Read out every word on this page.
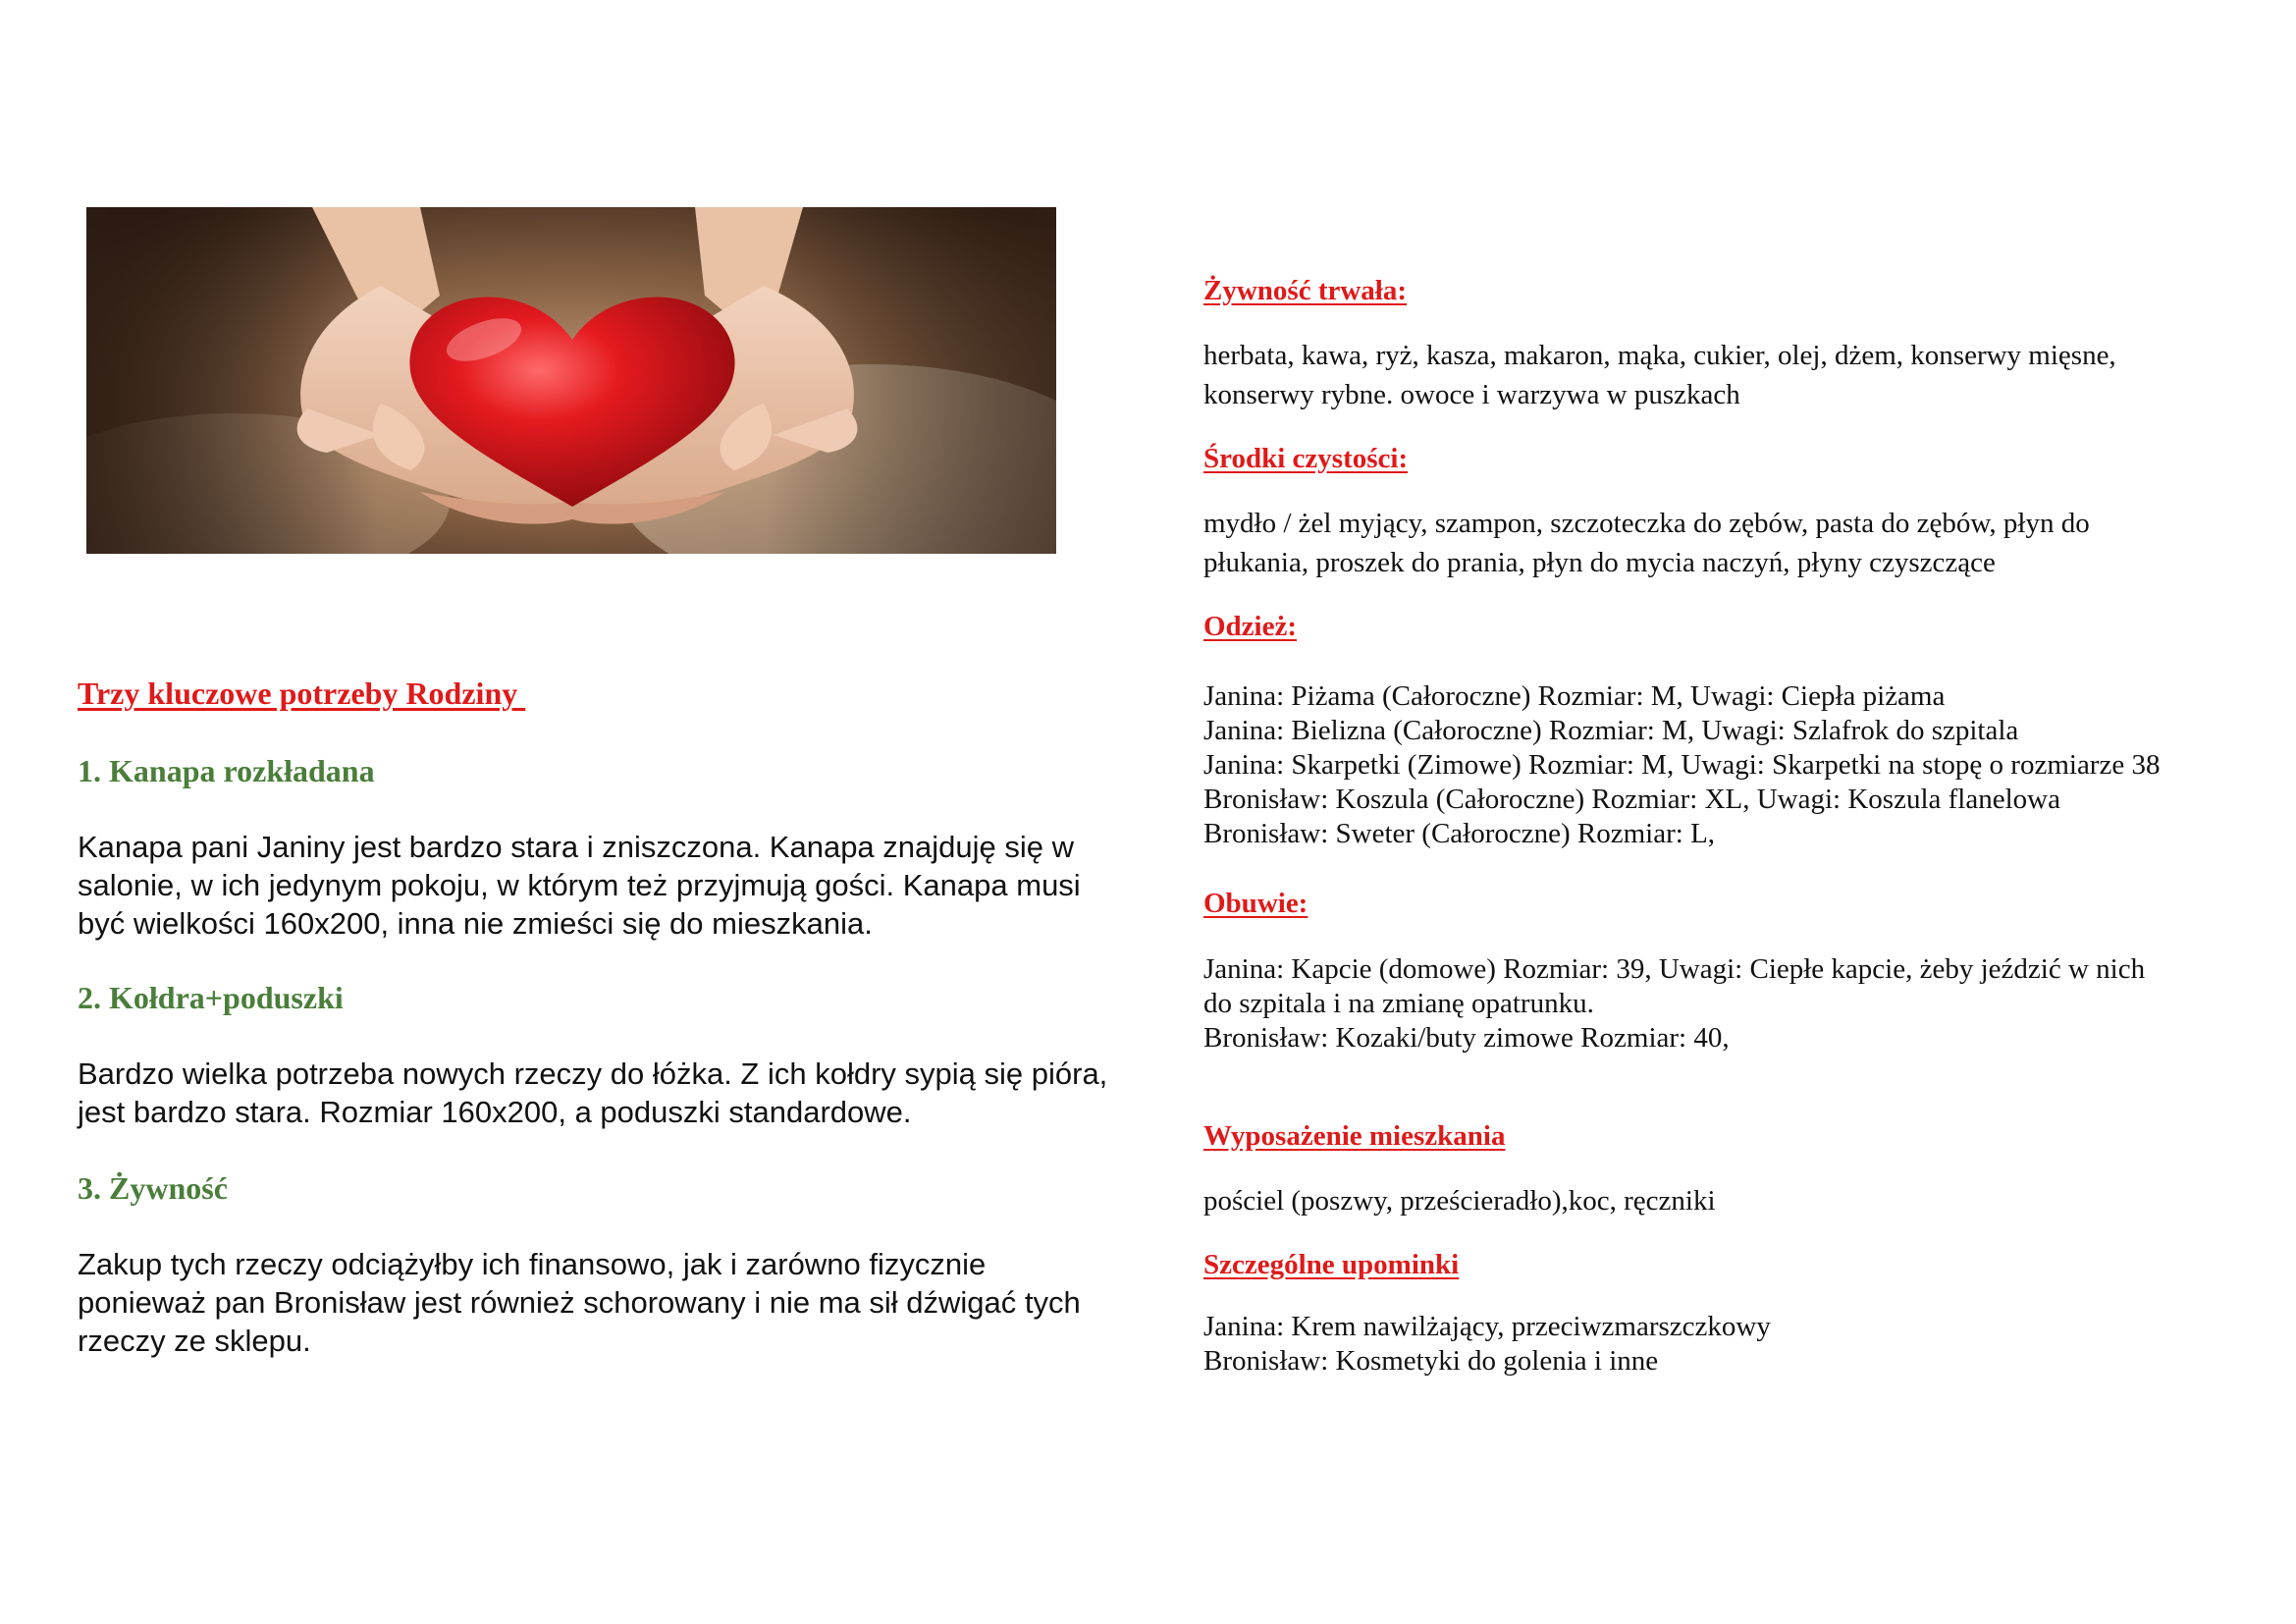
Trzy kluczowe potrzeby Rodziny
1. Kanapa rozkładana
Kanapa pani Janiny jest bardzo stara i zniszczona. Kanapa znajduję się w
salonie, w ich jedynym pokoju, w którym też przyjmują gości. Kanapa musi
być wielkości 160x200, inna nie zmieści się do mieszkania.
2. Kołdra+poduszki
Bardzo wielka potrzeba nowych rzeczy do łóżka. Z ich kołdry sypią się pióra,
jest bardzo stara. Rozmiar 160x200, a poduszki standardowe.
3. Żywność
Zakup tych rzeczy odciążyłby ich finansowo, jak i zarówno fizycznie
ponieważ pan Bronisław jest również schorowany i nie ma sił dźwigać tych
rzeczy ze sklepu.
Żywność trwała:
herbata, kawa, ryż, kasza, makaron, mąka, cukier, olej, dżem, konserwy mięsne,
konserwy rybne. owoce i warzywa w puszkach
Środki czystości:
mydło / żel myjący, szampon, szczoteczka do zębów, pasta do zębów, płyn do
płukania, proszek do prania, płyn do mycia naczyń, płyny czyszczące
Odzież:
Janina: Piżama (Całoroczne) Rozmiar: M, Uwagi: Ciepła piżama
Janina: Bielizna (Całoroczne) Rozmiar: M, Uwagi: Szlafrok do szpitala
Janina: Skarpetki (Zimowe) Rozmiar: M, Uwagi: Skarpetki na stopę o rozmiarze 38
Bronisław: Koszula (Całoroczne) Rozmiar: XL, Uwagi: Koszula flanelowa
Bronisław: Sweter (Całoroczne) Rozmiar: L,
Obuwie:
Janina: Kapcie (domowe) Rozmiar: 39, Uwagi: Ciepłe kapcie, żeby jeździć w nich
do szpitala i na zmianę opatrunku.
Bronisław: Kozaki/buty zimowe Rozmiar: 40,
Wyposażenie mieszkania
pościel (poszwy, prześcieradło),koc, ręczniki
Szczególne upominki
Janina: Krem nawilżający, przeciwzmarszczkowy
Bronisław: Kosmetyki do golenia i inne
